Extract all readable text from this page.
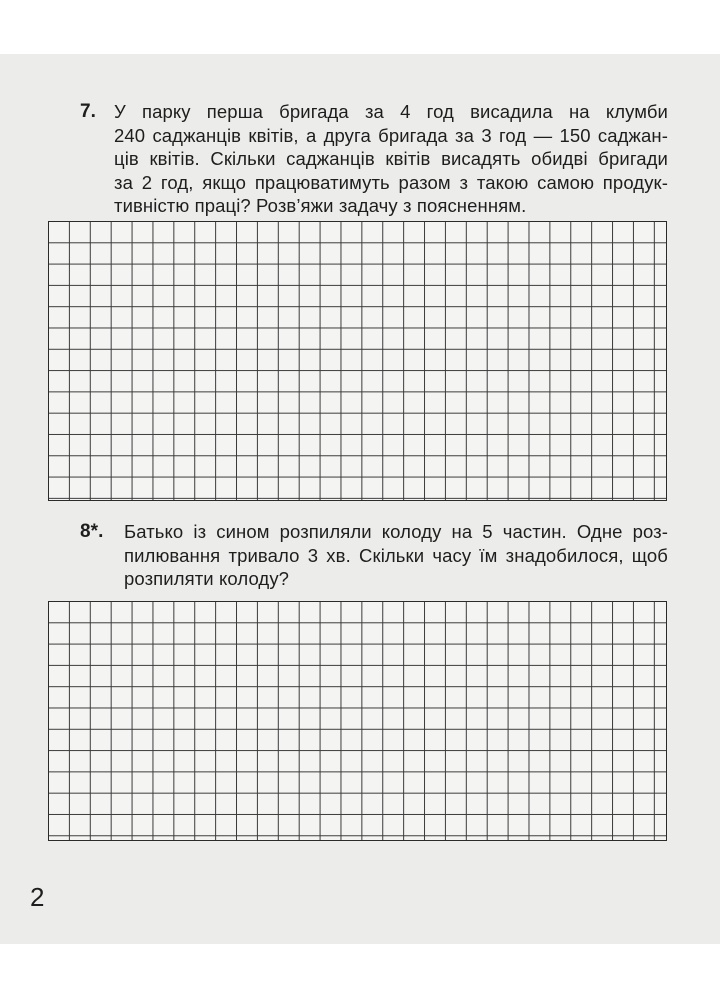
7. У парку перша бригада за 4 год висадила на клумби
240 саджанців квітів, а друга бригада за 3 год — 150 саджан-
ців квітів. Скільки саджанців квітів висадять обидві бригади
за 2 год, якщо працюватимуть разом з такою самою продук-
тивністю праці? Розв’яжи задачу з поясненням.
8*. Батько із сином розпиляли колоду на 5 частин. Одне роз-
пилювання тривало 3 хв. Скільки часу їм знадобилося, щоб
розпиляти колоду?
2
